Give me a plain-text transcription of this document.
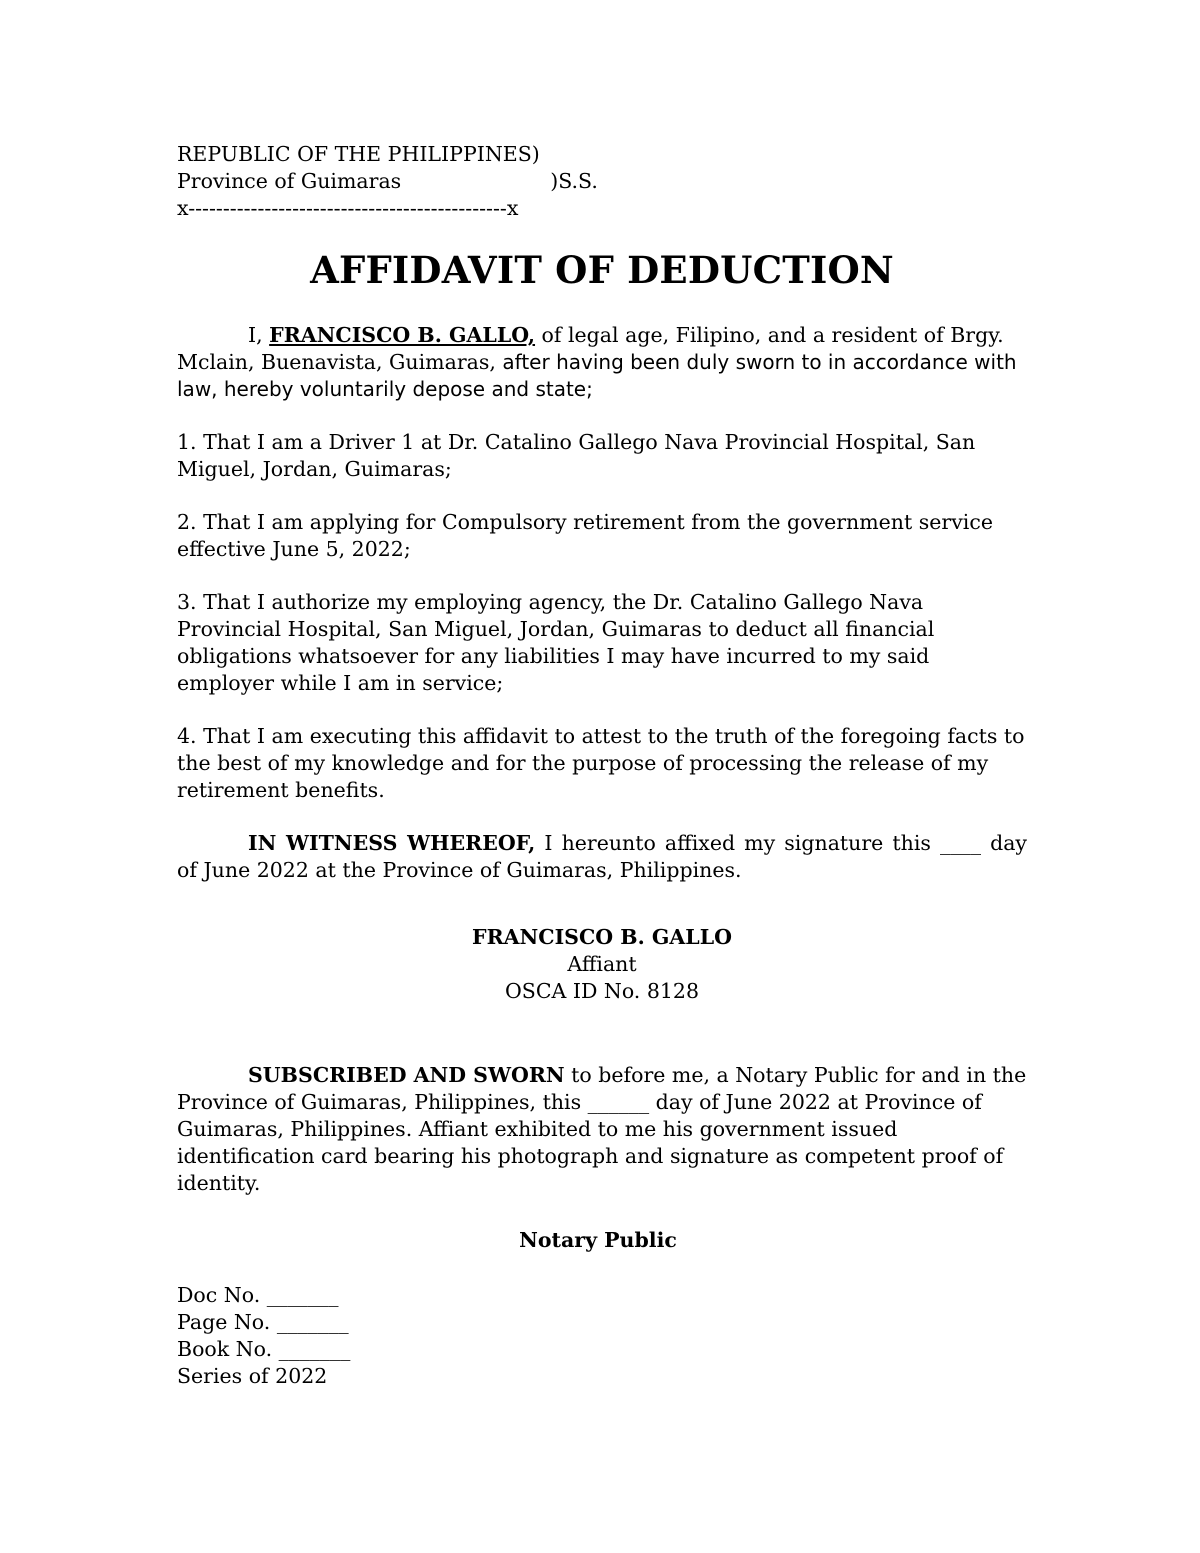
REPUBLIC OF THE PHILIPPINES)
Province of Guimaras	)S.S.
x----------------------------------------------x
AFFIDAVIT OF DEDUCTION

I, FRANCISCO B. GALLO, of legal age, Filipino, and a resident of Brgy. Mclain, Buenavista, Guimaras, after having been duly sworn to in accordance with law, hereby voluntarily depose and state;

1. That I am a Driver 1 at Dr. Catalino Gallego Nava Provincial Hospital, San Miguel, Jordan, Guimaras;

2. That I am applying for Compulsory retirement from the government service effective June 5, 2022;

3. That I authorize my employing agency, the Dr. Catalino Gallego Nava Provincial Hospital, San Miguel, Jordan, Guimaras to deduct all financial obligations whatsoever for any liabilities I may have incurred to my said employer while I am in service;

4. That I am executing this affidavit to attest to the truth of the foregoing facts to the best of my knowledge and for the purpose of processing the release of my retirement benefits.

IN WITNESS WHEREOF, I hereunto affixed my signature this ____ day of June 2022 at the Province of Guimaras, Philippines.

FRANCISCO B. GALLO
Affiant
OSCA ID No. 8128

SUBSCRIBED AND SWORN to before me, a Notary Public for and in the Province of Guimaras, Philippines, this ______ day of June 2022 at Province of Guimaras, Philippines. Affiant exhibited to me his government issued identification card bearing his photograph and signature as competent proof of identity.

Notary Public
Doc No. _______
Page No. _______
Book No. _______
Series of 2022
